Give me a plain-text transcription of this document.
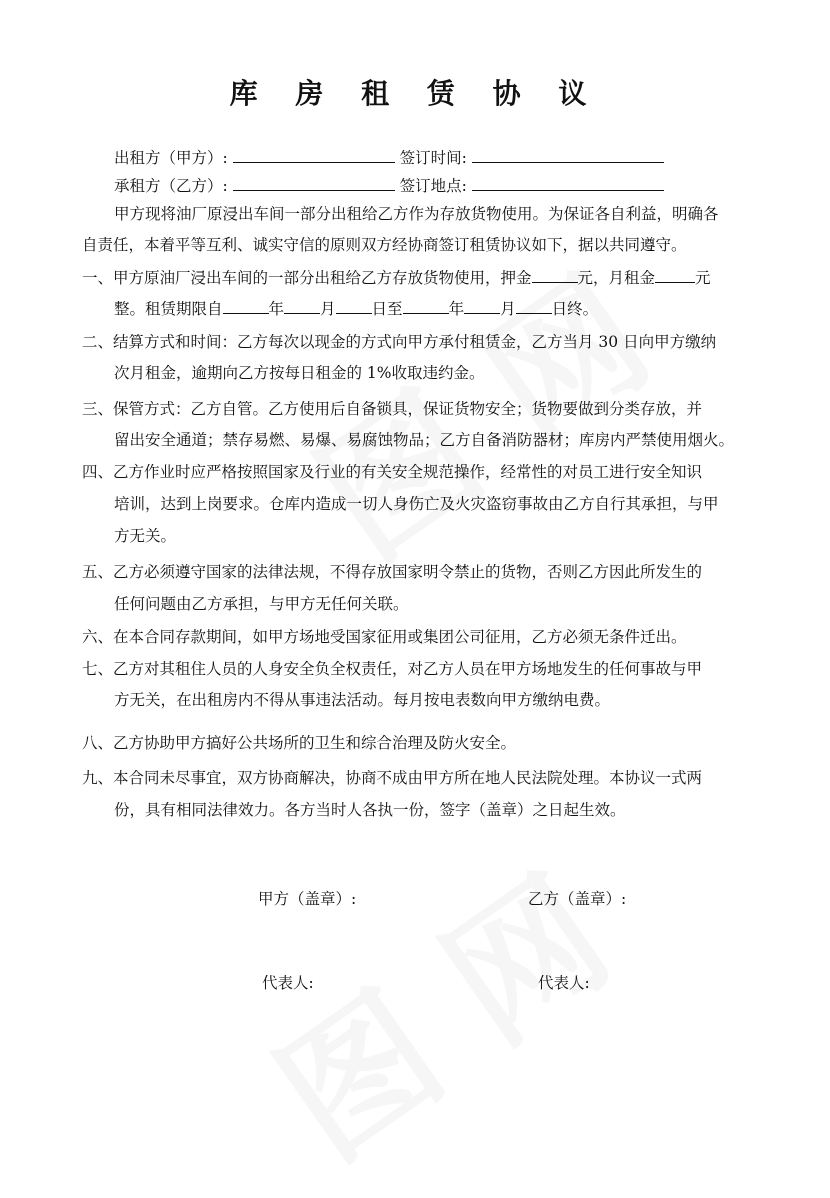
库 房 租 赁 协 议
出租方（甲方）:	签订时间:
承租方（乙方）:	签订地点:
甲方现将油厂原浸出车间一部分出租给乙方作为存放货物使用。为保证各自利益，明确各
自责任，本着平等互利、诚实守信的原则双方经协商签订租赁协议如下，据以共同遵守。
一、甲方原油厂浸出车间的一部分出租给乙方存放货物使用，押金	元，月租金	元
整。租赁期限自	年 月 日至	年 月 日终。
二、结算方式和时间：乙方每次以现金的方式向甲方承付租赁金，乙方当月 30 日向甲方缴纳
次月租金，逾期向乙方按每日租金的 1%收取违约金。
三、保管方式：乙方自管。乙方使用后自备锁具，保证货物安全；货物要做到分类存放，并
留出安全通道；禁存易燃、易爆、易腐蚀物品；乙方自备消防器材；库房内严禁使用烟火。
四、乙方作业时应严格按照国家及行业的有关安全规范操作，经常性的对员工进行安全知识
培训，达到上岗要求。仓库内造成一切人身伤亡及火灾盗窃事故由乙方自行其承担，与甲
方无关。
五、乙方必须遵守国家的法律法规，不得存放国家明令禁止的货物，否则乙方因此所发生的
任何问题由乙方承担，与甲方无任何关联。
六、在本合同存款期间，如甲方场地受国家征用或集团公司征用，乙方必须无条件迁出。
七、乙方对其租住人员的人身安全负全权责任，对乙方人员在甲方场地发生的任何事故与甲
方无关，在出租房内不得从事违法活动。每月按电表数向甲方缴纳电费。
八、乙方协助甲方搞好公共场所的卫生和综合治理及防火安全。
九、本合同未尽事宜，双方协商解决，协商不成由甲方所在地人民法院处理。本协议一式两
份，具有相同法律效力。各方当时人各执一份，签字（盖章）之日起生效。
甲方（盖章）:	乙方（盖章）:
代表人:	代表人:
